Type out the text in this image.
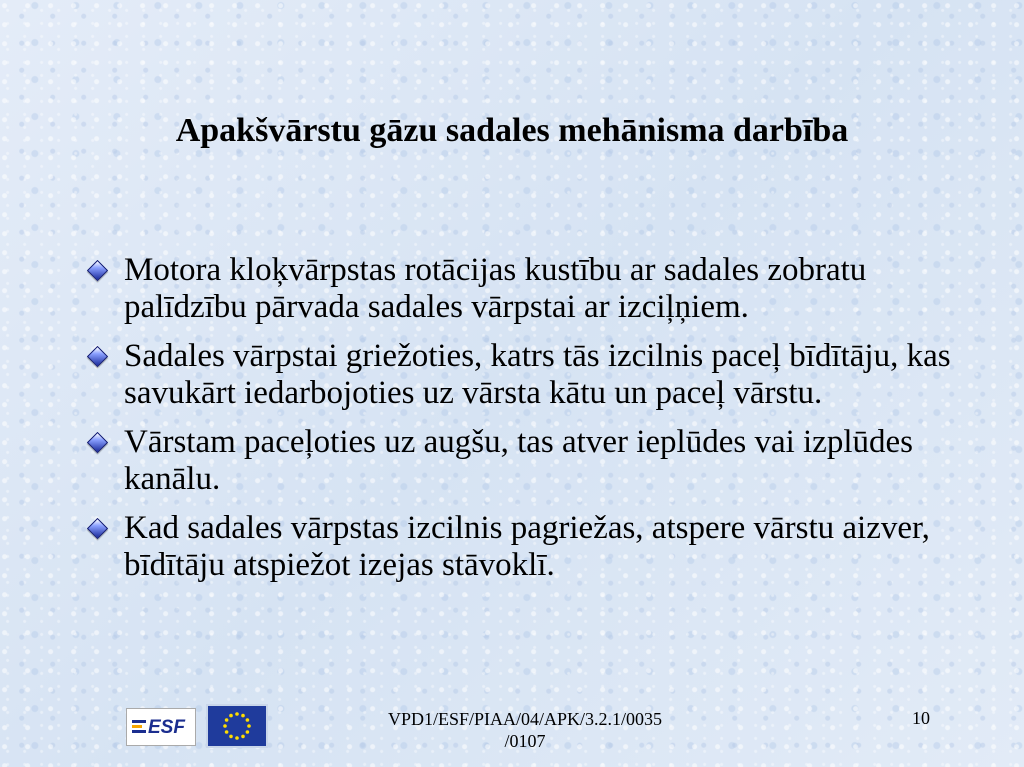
Apakšvārstu gāzu sadales mehānisma darbība
Motora kloķvārpstas rotācijas kustību ar sadales zobratu palīdzību pārvada sadales vārpstai ar izciļņiem.
Sadales vārpstai griežoties, katrs tās izcilnis paceļ bīdītāju, kas savukārt iedarbojoties uz vārsta kātu un paceļ vārstu.
Vārstam paceļoties uz augšu, tas atver ieplūdes vai izplūdes kanālu.
Kad sadales vārpstas izcilnis pagriežas, atspere vārstu aizver, bīdītāju atspiežot izejas stāvoklī.
ESF	VPD1/ESF/PIAA/04/APK/3.2.1/0035
/0107
10
